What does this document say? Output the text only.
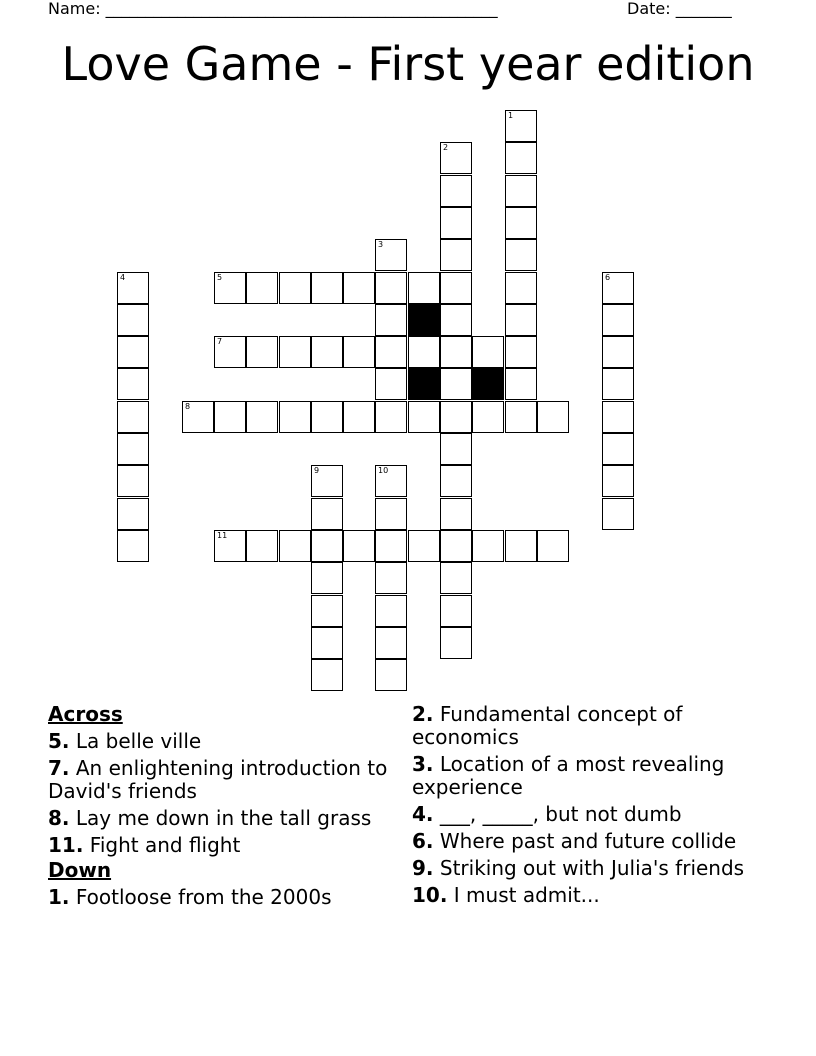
Name: _________________________________________________	Date: _______
Love Game - First year edition
1
2
3
4	5	6
7
8
9	10
11
Across
5. La belle ville
7. An enlightening introduction to David's friends
8. Lay me down in the tall grass
11. Fight and flight
Down
1. Footloose from the 2000s
2. Fundamental concept of economics
3. Location of a most revealing experience
4. ___, _____, but not dumb
6. Where past and future collide
9. Striking out with Julia's friends
10. I must admit...
